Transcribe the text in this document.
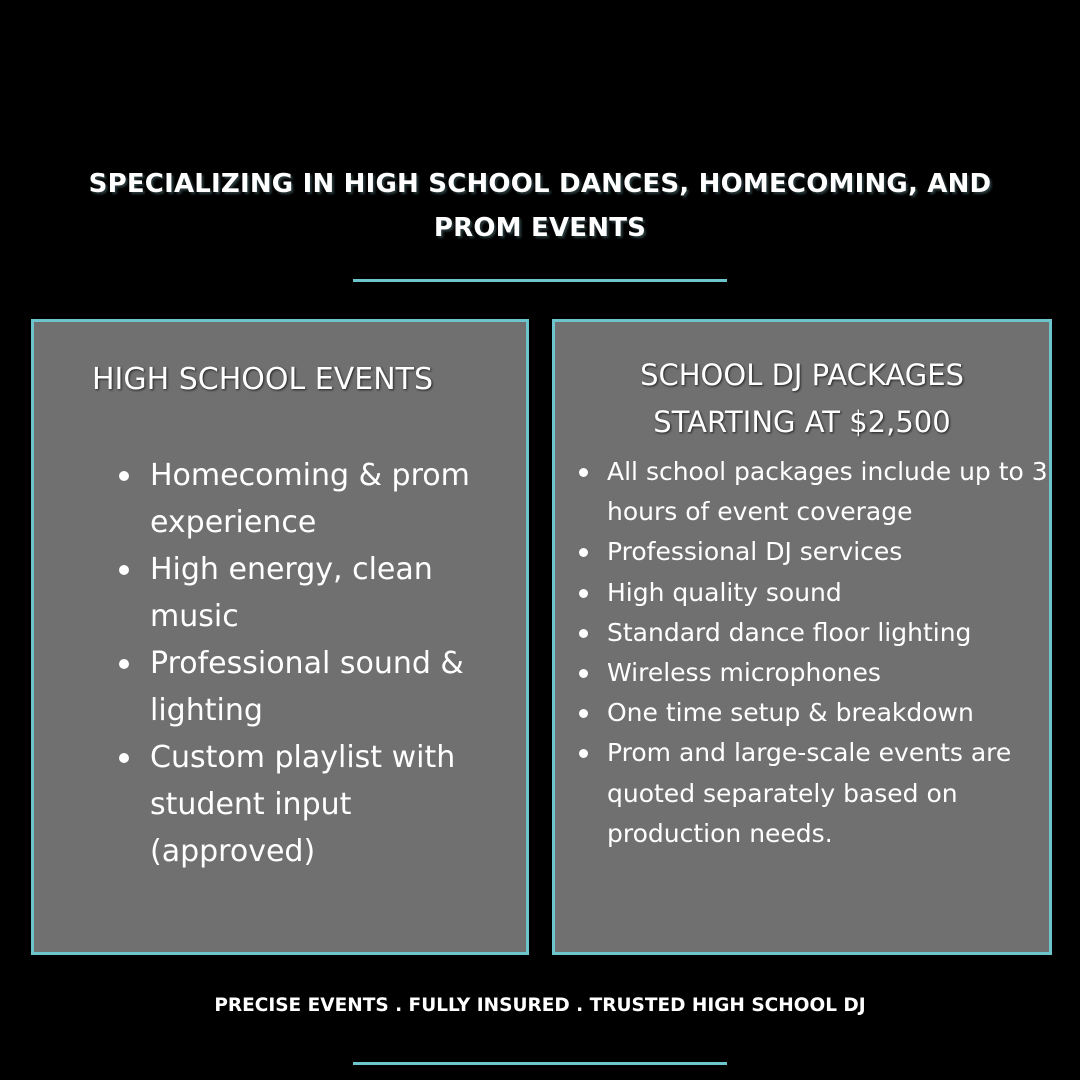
SPECIALIZING IN HIGH SCHOOL DANCES, HOMECOMING, AND
PROM EVENTS
HIGH SCHOOL EVENTS
Homecoming & prom experience
High energy, clean music
Professional sound & lighting
Custom playlist with student input (approved)
SCHOOL DJ PACKAGES
STARTING AT $2,500
All school packages include up to 3 hours of event coverage
Professional DJ services
High quality sound
Standard dance floor lighting
Wireless microphones
One time setup & breakdown
Prom and large-scale events are quoted separately based on production needs.
PRECISE EVENTS . FULLY INSURED . TRUSTED HIGH SCHOOL DJ
